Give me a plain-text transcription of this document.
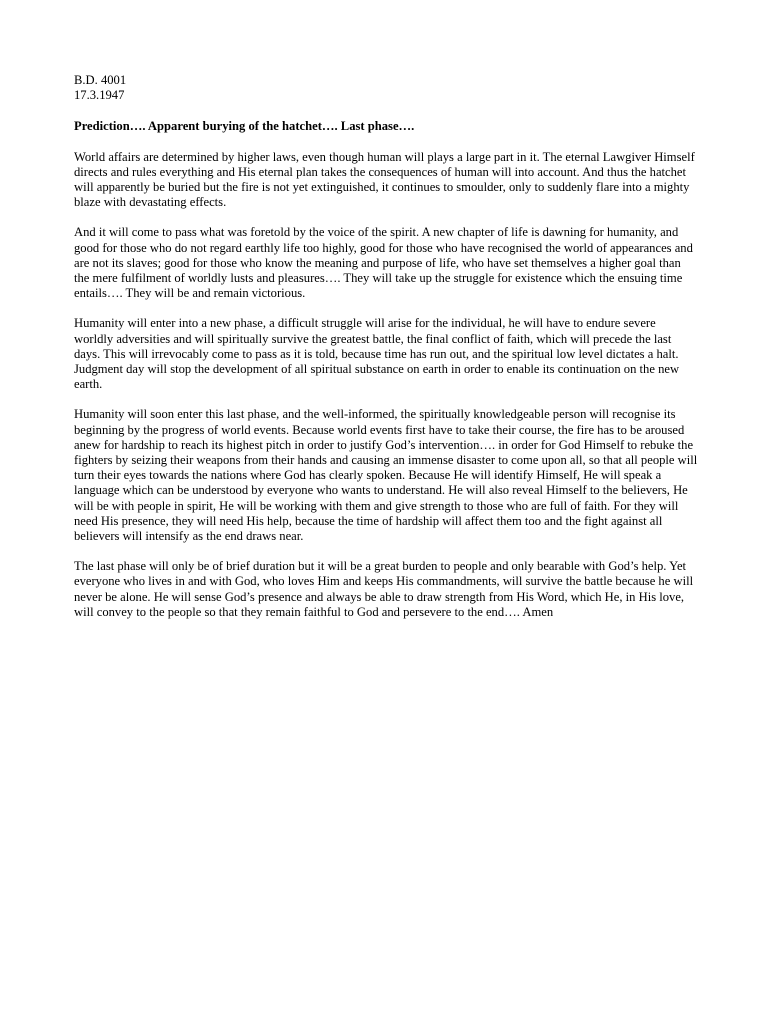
B.D. 4001
17.3.1947

Prediction…. Apparent burying of the hatchet…. Last phase….

World affairs are determined by higher laws, even though human will plays a large part in it. The eternal Lawgiver Himself directs and rules everything and His eternal plan takes the consequences of human will into account. And thus the hatchet will apparently be buried but the fire is not yet extinguished, it continues to smoulder, only to suddenly flare into a mighty blaze with devastating effects.

And it will come to pass what was foretold by the voice of the spirit. A new chapter of life is dawning for humanity, and good for those who do not regard earthly life too highly, good for those who have recognised the world of appearances and are not its slaves; good for those who know the meaning and purpose of life, who have set themselves a higher goal than the mere fulfilment of worldly lusts and pleasures…. They will take up the struggle for existence which the ensuing time entails…. They will be and remain victorious.

Humanity will enter into a new phase, a difficult struggle will arise for the individual, he will have to endure severe worldly adversities and will spiritually survive the greatest battle, the final conflict of faith, which will precede the last days. This will irrevocably come to pass as it is told, because time has run out, and the spiritual low level dictates a halt. Judgment day will stop the development of all spiritual substance on earth in order to enable its continuation on the new earth.

Humanity will soon enter this last phase, and the well-informed, the spiritually knowledgeable person will recognise its beginning by the progress of world events. Because world events first have to take their course, the fire has to be aroused anew for hardship to reach its highest pitch in order to justify God’s intervention…. in order for God Himself to rebuke the fighters by seizing their weapons from their hands and causing an immense disaster to come upon all, so that all people will turn their eyes towards the nations where God has clearly spoken. Because He will identify Himself, He will speak a language which can be understood by everyone who wants to understand. He will also reveal Himself to the believers, He will be with people in spirit, He will be working with them and give strength to those who are full of faith. For they will need His presence, they will need His help, because the time of hardship will affect them too and the fight against all believers will intensify as the end draws near.

The last phase will only be of brief duration but it will be a great burden to people and only bearable with God’s help. Yet everyone who lives in and with God, who loves Him and keeps His commandments, will survive the battle because he will never be alone. He will sense God’s presence and always be able to draw strength from His Word, which He, in His love, will convey to the people so that they remain faithful to God and persevere to the end…. Amen
